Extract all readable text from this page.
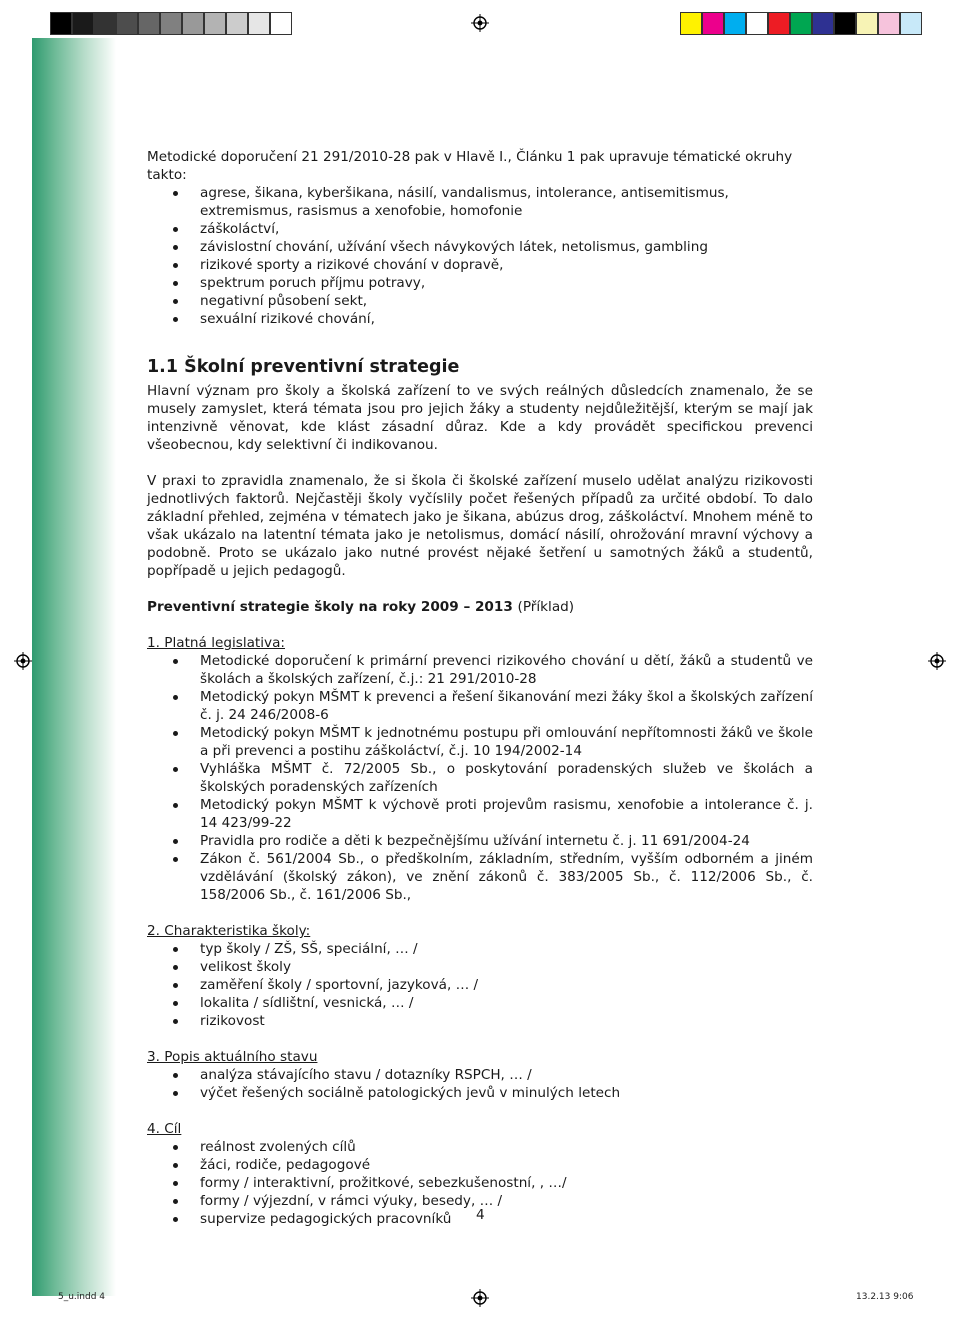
Metodické doporučení 21 291/2010-28 pak v Hlavě I., Článku 1 pak upravuje tématické okruhy takto:

agrese, šikana, kyberšikana, násilí, vandalismus, intolerance, antisemitismus, extremismus, rasismus a xenofobie, homofonie
záškoláctví,
závislostní chování, užívání všech návykových látek, netolismus, gambling
rizikové sporty a rizikové chování v dopravě,
spektrum poruch příjmu potravy,
negativní působení sekt,
sexuální rizikové chování,
1.1 Školní preventivní strategie

Hlavní význam pro školy a školská zařízení to ve svých reálných důsledcích znamenalo, že se musely zamyslet, která témata jsou pro jejich žáky a studenty nejdůležitější, kterým se mají jak intenzivně věnovat, kde klást zásadní důraz. Kde a kdy provádět specifickou prevenci všeobecnou, kdy selektivní či indikovanou.

V praxi to zpravidla znamenalo, že si škola či školské zařízení muselo udělat analýzu rizikovosti jednotlivých faktorů. Nejčastěji školy vyčíslily počet řešených případů za určité období. To dalo základní přehled, zejména v tématech jako je šikana, abúzus drog, záškoláctví. Mnohem méně to však ukázalo na latentní témata jako je netolismus, domácí násilí, ohrožování mravní výchovy a podobně. Proto se ukázalo jako nutné provést nějaké šetření u samotných žáků a studentů, popřípadě u jejich pedagogů.

Preventivní strategie školy na roky 2009 – 2013 (Příklad)

1. Platná legislativa:

Metodické doporučení k primární prevenci rizikového chování u dětí, žáků a studentů ve školách a školských zařízení, č.j.: 21 291/2010-28
Metodický pokyn MŠMT k prevenci a řešení šikanování mezi žáky škol a školských zařízení č. j. 24 246/2008-6
Metodický pokyn MŠMT k jednotnému postupu při omlouvání nepřítomnosti žáků ve škole a při prevenci a postihu záškoláctví, č.j. 10 194/2002-14
Vyhláška MŠMT č. 72/2005 Sb., o poskytování poradenských služeb ve školách a školských poradenských zařízeních
Metodický pokyn MŠMT k výchově proti projevům rasismu, xenofobie a intolerance č. j. 14 423/99-22
Pravidla pro rodiče a děti k bezpečnějšímu užívání internetu č. j. 11 691/2004-24
Zákon č. 561/2004 Sb., o předškolním, základním, středním, vyšším odborném a jiném vzdělávání (školský zákon), ve znění zákonů č. 383/2005 Sb., č. 112/2006 Sb., č. 158/2006 Sb., č. 161/2006 Sb.,

2. Charakteristika školy:

typ školy / ZŠ, SŠ, speciální, … /
velikost školy
zaměření školy / sportovní, jazyková, … /
lokalita / sídlištní, vesnická, … /
rizikovost

3. Popis aktuálního stavu

analýza stávajícího stavu / dotazníky RSPCH, … /
výčet řešených sociálně patologických jevů v minulých letech

4. Cíl

reálnost zvolených cílů
žáci, rodiče, pedagogové
formy / interaktivní, prožitkové, sebezkušenostní, , …/
formy / výjezdní, v rámci výuky, besedy, … /
supervize pedagogických pracovníků	4
5_u.indd 4	13.2.13 9:06
